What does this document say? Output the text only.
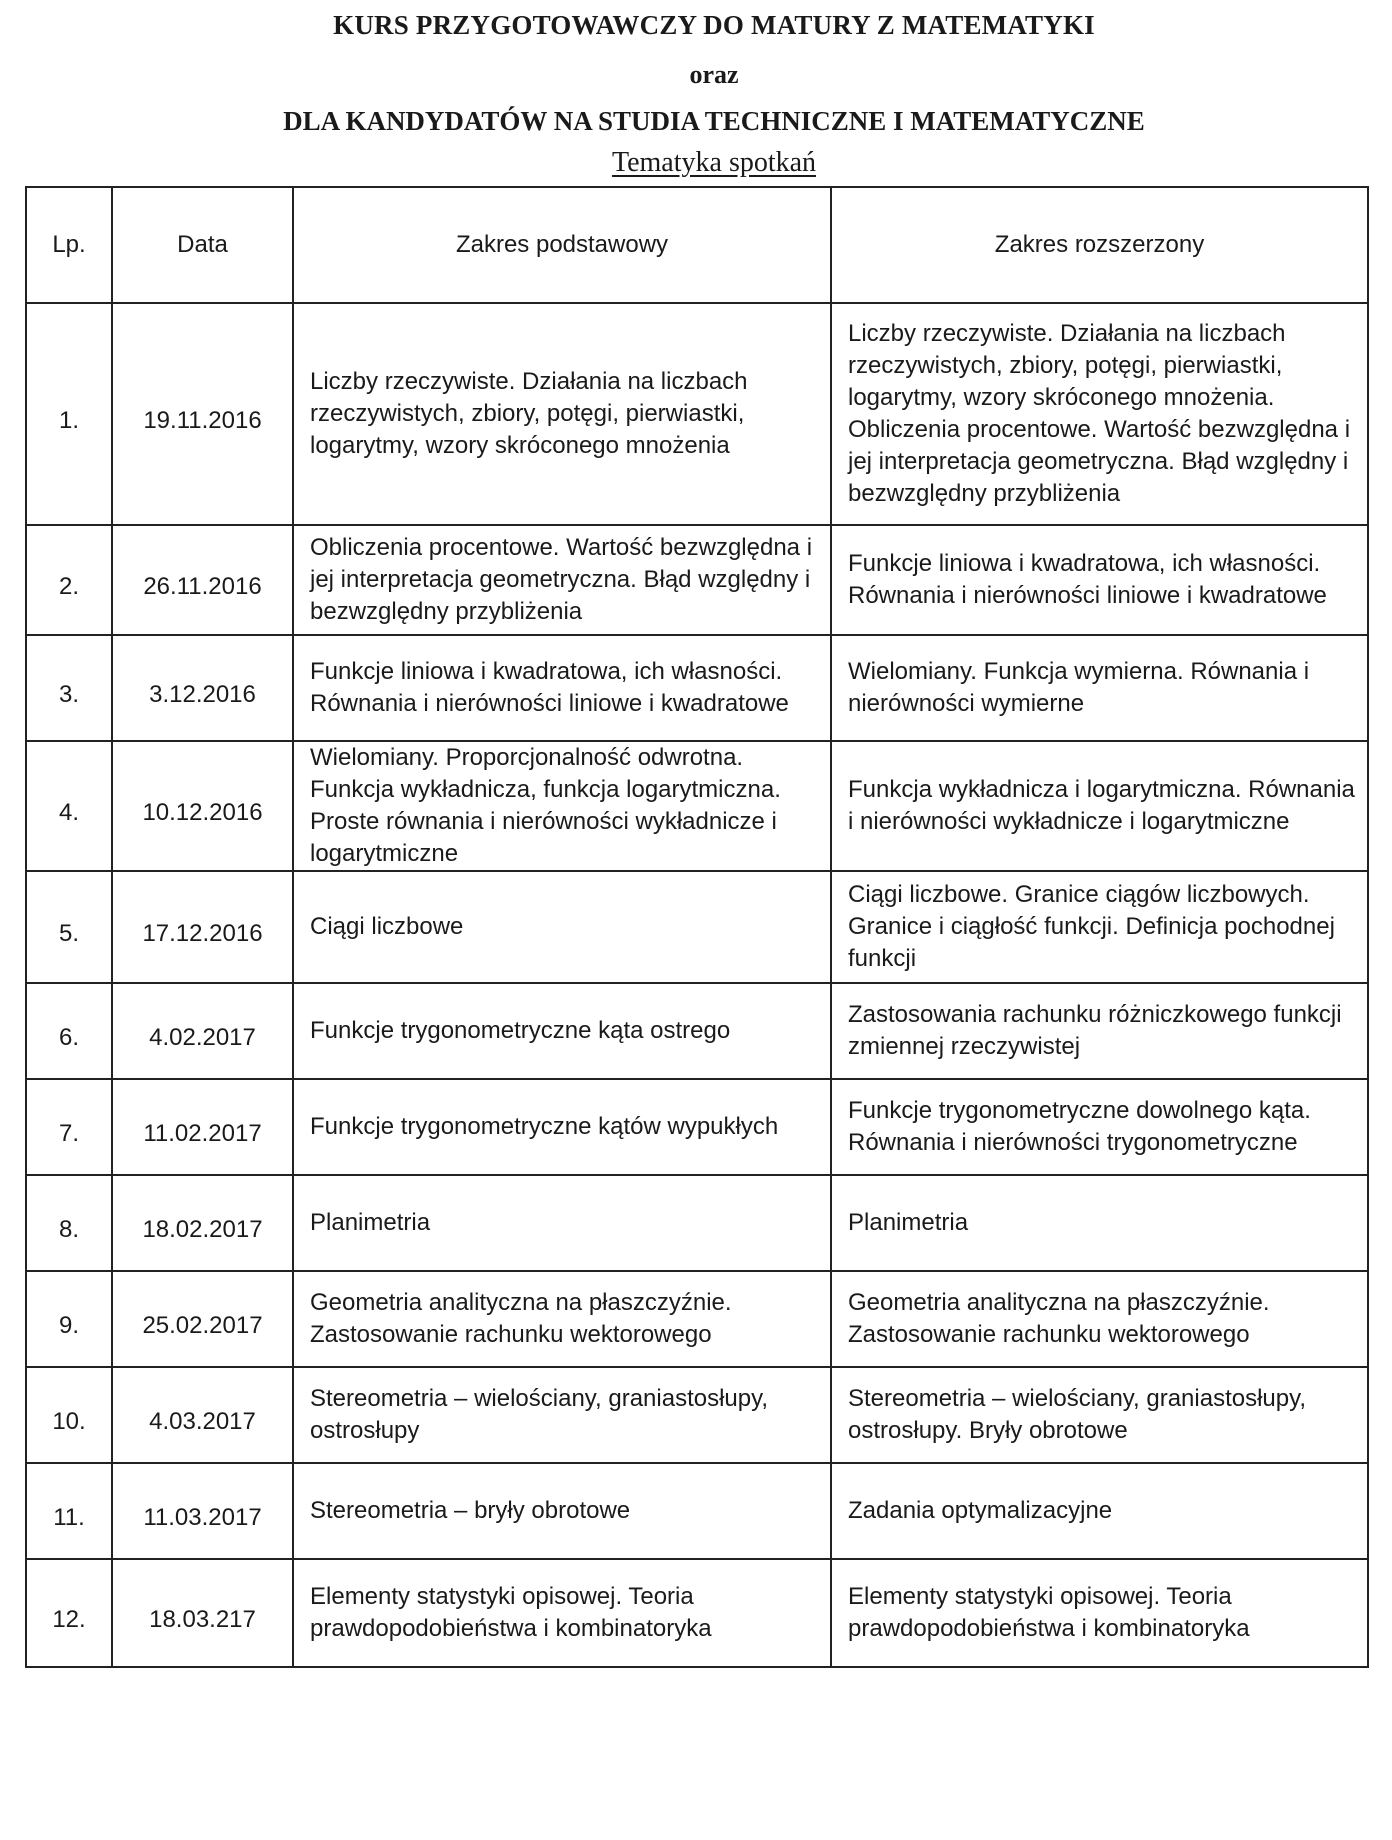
KURS PRZYGOTOWAWCZY DO MATURY Z MATEMATYKI
oraz
DLA KANDYDATÓW NA STUDIA TECHNICZNE I MATEMATYCZNE
Tematyka spotkań
Lp.	Data	Zakres podstawowy	Zakres rozszerzony
1.	19.11.2016	Liczby rzeczywiste. Działania na liczbach rzeczywistych, zbiory, potęgi, pierwiastki, logarytmy, wzory skróconego mnożenia	Liczby rzeczywiste. Działania na liczbach rzeczywistych, zbiory, potęgi, pierwiastki, logarytmy, wzory skróconego mnożenia. Obliczenia procentowe. Wartość bezwzględna i jej interpretacja geometryczna. Błąd względny i bezwzględny przybliżenia
2.	26.11.2016	Obliczenia procentowe. Wartość bezwzględna i jej interpretacja geometryczna. Błąd względny i bezwzględny przybliżenia	Funkcje liniowa i kwadratowa, ich własności. Równania i nierówności liniowe i kwadratowe
3.	3.12.2016	Funkcje liniowa i kwadratowa, ich własności. Równania i nierówności liniowe i kwadratowe	Wielomiany. Funkcja wymierna. Równania i nierówności wymierne
4.	10.12.2016	Wielomiany. Proporcjonalność odwrotna. Funkcja wykładnicza, funkcja logarytmiczna. Proste równania i nierówności wykładnicze i logarytmiczne	Funkcja wykładnicza i logarytmiczna. Równania i nierówności wykładnicze i logarytmiczne
5.	17.12.2016	Ciągi liczbowe	Ciągi liczbowe. Granice ciągów liczbowych. Granice i ciągłość funkcji. Definicja pochodnej funkcji
6.	4.02.2017	Funkcje trygonometryczne kąta ostrego	Zastosowania rachunku różniczkowego funkcji zmiennej rzeczywistej
7.	11.02.2017	Funkcje trygonometryczne kątów wypukłych	Funkcje trygonometryczne dowolnego kąta. Równania i nierówności trygonometryczne
8.	18.02.2017	Planimetria	Planimetria
9.	25.02.2017	Geometria analityczna na płaszczyźnie. Zastosowanie rachunku wektorowego	Geometria analityczna na płaszczyźnie. Zastosowanie rachunku wektorowego
10.	4.03.2017	Stereometria – wielościany, graniastosłupy, ostrosłupy	Stereometria – wielościany, graniastosłupy, ostrosłupy. Bryły obrotowe
11.	11.03.2017	Stereometria – bryły obrotowe	Zadania optymalizacyjne
12.	18.03.217	Elementy statystyki opisowej. Teoria prawdopodobieństwa i kombinatoryka	Elementy statystyki opisowej. Teoria prawdopodobieństwa i kombinatoryka
